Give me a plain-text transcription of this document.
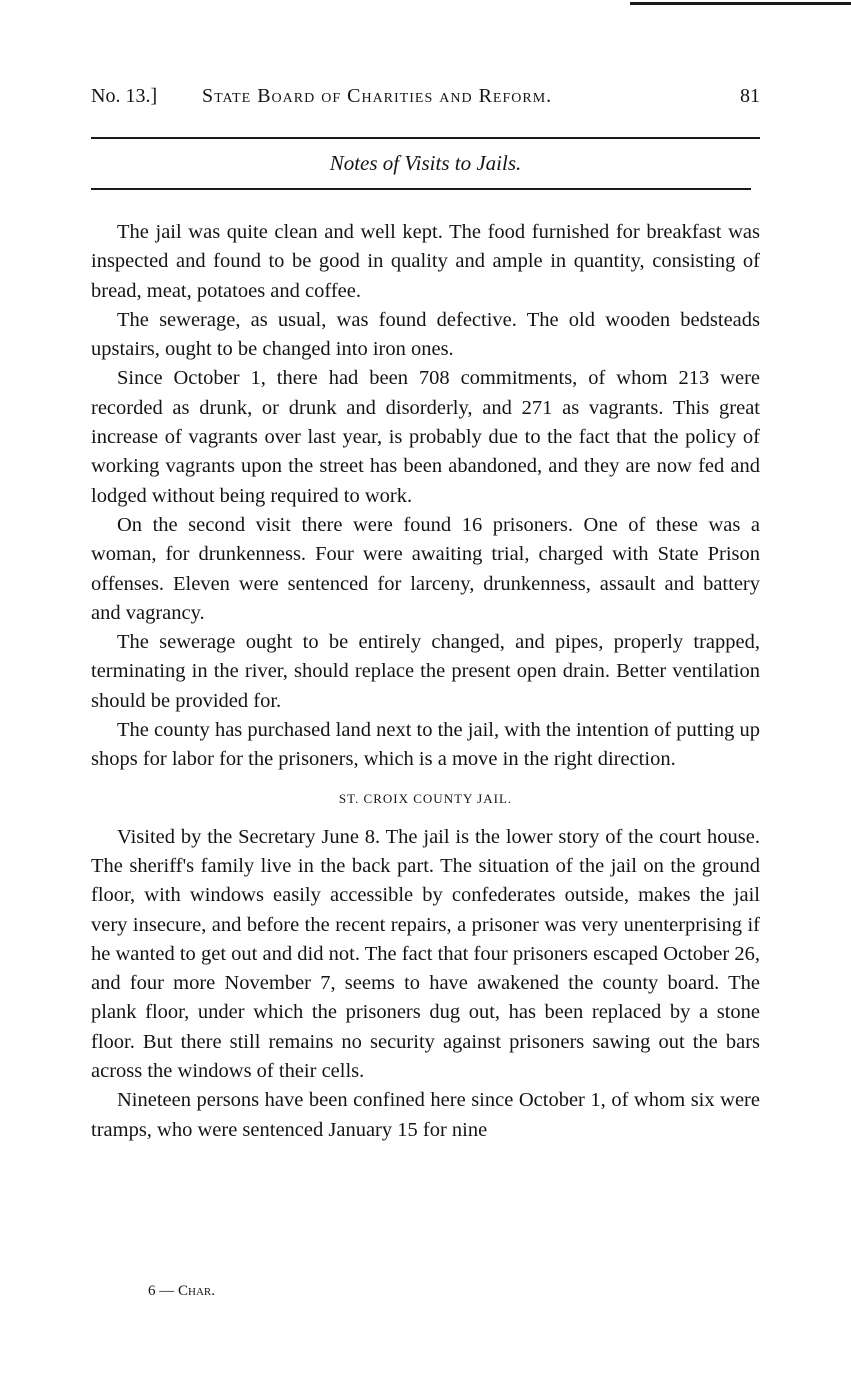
No. 13.] State Board of Charities and Reform.	81
Notes of Visits to Jails.

The jail was quite clean and well kept. The food furnished for breakfast was inspected and found to be good in quality and ample in quantity, consisting of bread, meat, potatoes and coffee.

The sewerage, as usual, was found defective. The old wooden bedsteads upstairs, ought to be changed into iron ones.

Since October 1, there had been 708 commitments, of whom 213 were recorded as drunk, or drunk and disorderly, and 271 as vagrants. This great increase of vagrants over last year, is probably due to the fact that the policy of working vagrants upon the street has been abandoned, and they are now fed and lodged without being required to work.

On the second visit there were found 16 prisoners. One of these was a woman, for drunkenness. Four were awaiting trial, charged with State Prison offenses. Eleven were sentenced for larceny, drunkenness, assault and battery and vagrancy.

The sewerage ought to be entirely changed, and pipes, properly trapped, terminating in the river, should replace the present open drain. Better ventilation should be provided for.

The county has purchased land next to the jail, with the intention of putting up shops for labor for the prisoners, which is a move in the right direction.

ST. CROIX COUNTY JAIL.

Visited by the Secretary June 8. The jail is the lower story of the court house. The sheriff's family live in the back part. The situation of the jail on the ground floor, with windows easily accessible by confederates outside, makes the jail very insecure, and before the recent repairs, a prisoner was very unenterprising if he wanted to get out and did not. The fact that four prisoners escaped October 26, and four more November 7, seems to have awakened the county board. The plank floor, under which the prisoners dug out, has been replaced by a stone floor. But there still remains no security against prisoners sawing out the bars across the windows of their cells.

Nineteen persons have been confined here since October 1, of whom six were tramps, who were sentenced January 15 for nine

6 — Char.
